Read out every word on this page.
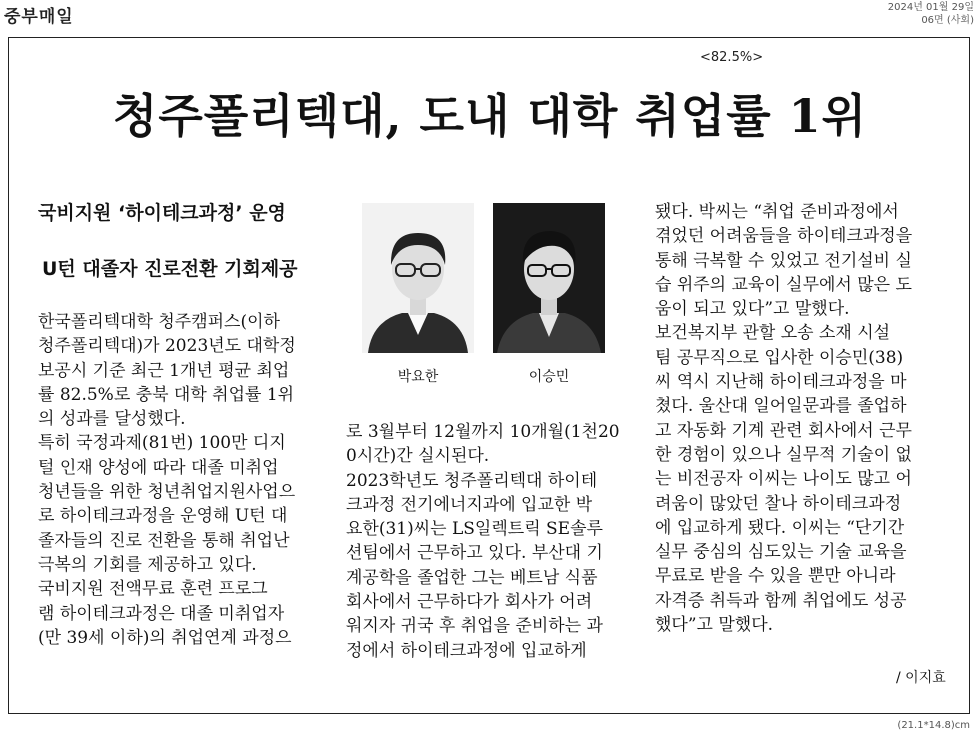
중부매일	2024년 01월 29일
06면 (사회)
<82.5%>
청주폴리텍대, 도내 대학 취업률 1위
국비지원 ‘하이테크과정’ 운영
U턴 대졸자 진로전환 기회제공

한국폴리텍대학 청주캠퍼스(이하
청주폴리텍대)가 2023년도 대학정
보공시 기준 최근 1개년 평균 최업
률 82.5%로 충북 대학 취업률 1위
의 성과를 달성했다.

특히 국정과제(81번) 100만 디지
털 인재 양성에 따라 대졸 미취업
청년들을 위한 청년취업지원사업으
로 하이테크과정을 운영해 U턴 대
졸자들의 진로 전환을 통해 취업난
극복의 기회를 제공하고 있다.

국비지원 전액무료 훈련 프로그
램 하이테크과정은 대졸 미취업자
(만 39세 이하)의 취업연계 과정으

박요한	이승민

로 3월부터 12월까지 10개월(1천20
0시간)간 실시된다.

2023학년도 청주폴리텍대 하이테
크과정 전기에너지과에 입교한 박
요한(31)씨는 LS일렉트릭 SE솔루
션팀에서 근무하고 있다. 부산대 기
계공학을 졸업한 그는 베트남 식품
회사에서 근무하다가 회사가 어려
워지자 귀국 후 취업을 준비하는 과
정에서 하이테크과정에 입교하게

됐다. 박씨는 “취업 준비과정에서
겪었던 어려움들을 하이테크과정을
통해 극복할 수 있었고 전기설비 실
습 위주의 교육이 실무에서 많은 도
움이 되고 있다”고 말했다.

보건복지부 관할 오송 소재 시설
팀 공무직으로 입사한 이승민(38)
씨 역시 지난해 하이테크과정을 마
쳤다. 울산대 일어일문과를 졸업하
고 자동화 기계 관련 회사에서 근무
한 경험이 있으나 실무적 기술이 없
는 비전공자 이씨는 나이도 많고 어
려움이 많았던 찰나 하이테크과정
에 입교하게 됐다. 이씨는 “단기간
실무 중심의 심도있는 기술 교육을
무료로 받을 수 있을 뿐만 아니라
자격증 취득과 함께 취업에도 성공
했다”고 말했다.

/ 이지효
(21.1*14.8)cm
